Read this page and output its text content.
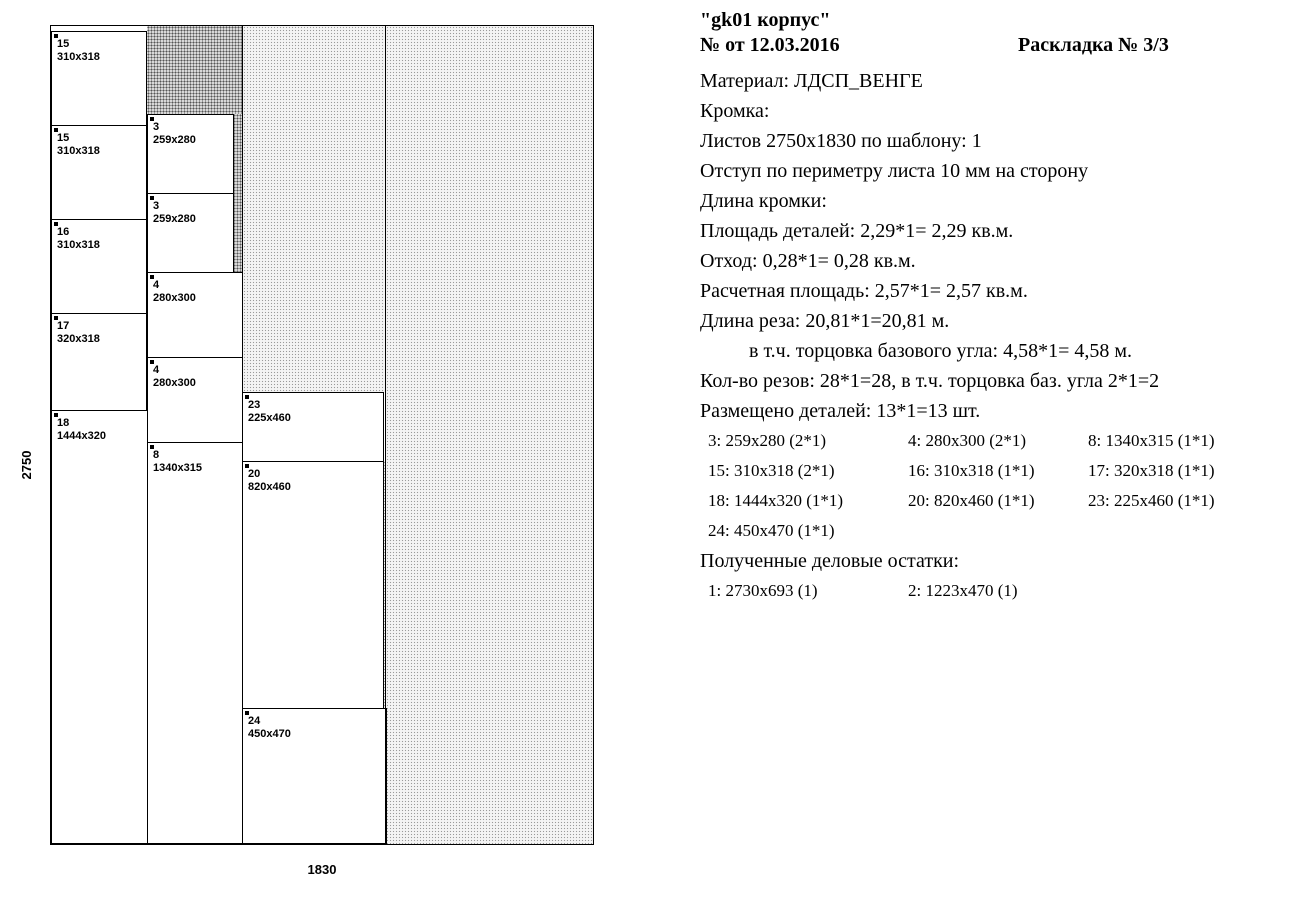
15
310x318
15
310x318
16
310x318
17
320x318
18
1444x320
3
259x280
3
259x280
4
280x300
4
280x300
8
1340x315
23
225x460
20
820x460
24
450x470
1830
2750
"gk01 корпус"
№ от 12.03.2016	Раскладка № 3/3
Материал: ЛДСП_ВЕНГЕ
Кромка:
Листов 2750x1830 по шаблону: 1
Отступ по периметру листа 10 мм на сторону
Длина кромки:
Площадь деталей: 2,29*1= 2,29 кв.м.
Отход: 0,28*1= 0,28 кв.м.
Расчетная площадь: 2,57*1= 2,57 кв.м.
Длина реза: 20,81*1=20,81 м.
в т.ч. торцовка базового угла: 4,58*1= 4,58 м.
Кол-во резов: 28*1=28, в т.ч. торцовка баз. угла 2*1=2
Размещено деталей: 13*1=13 шт.
3: 259x280 (2*1)	4: 280x300 (2*1)	8: 1340x315 (1*1)
15: 310x318 (2*1)	16: 310x318 (1*1)	17: 320x318 (1*1)
18: 1444x320 (1*1)	20: 820x460 (1*1)	23: 225x460 (1*1)
24: 450x470 (1*1)
Полученные деловые остатки:
1: 2730x693 (1)	2: 1223x470 (1)
